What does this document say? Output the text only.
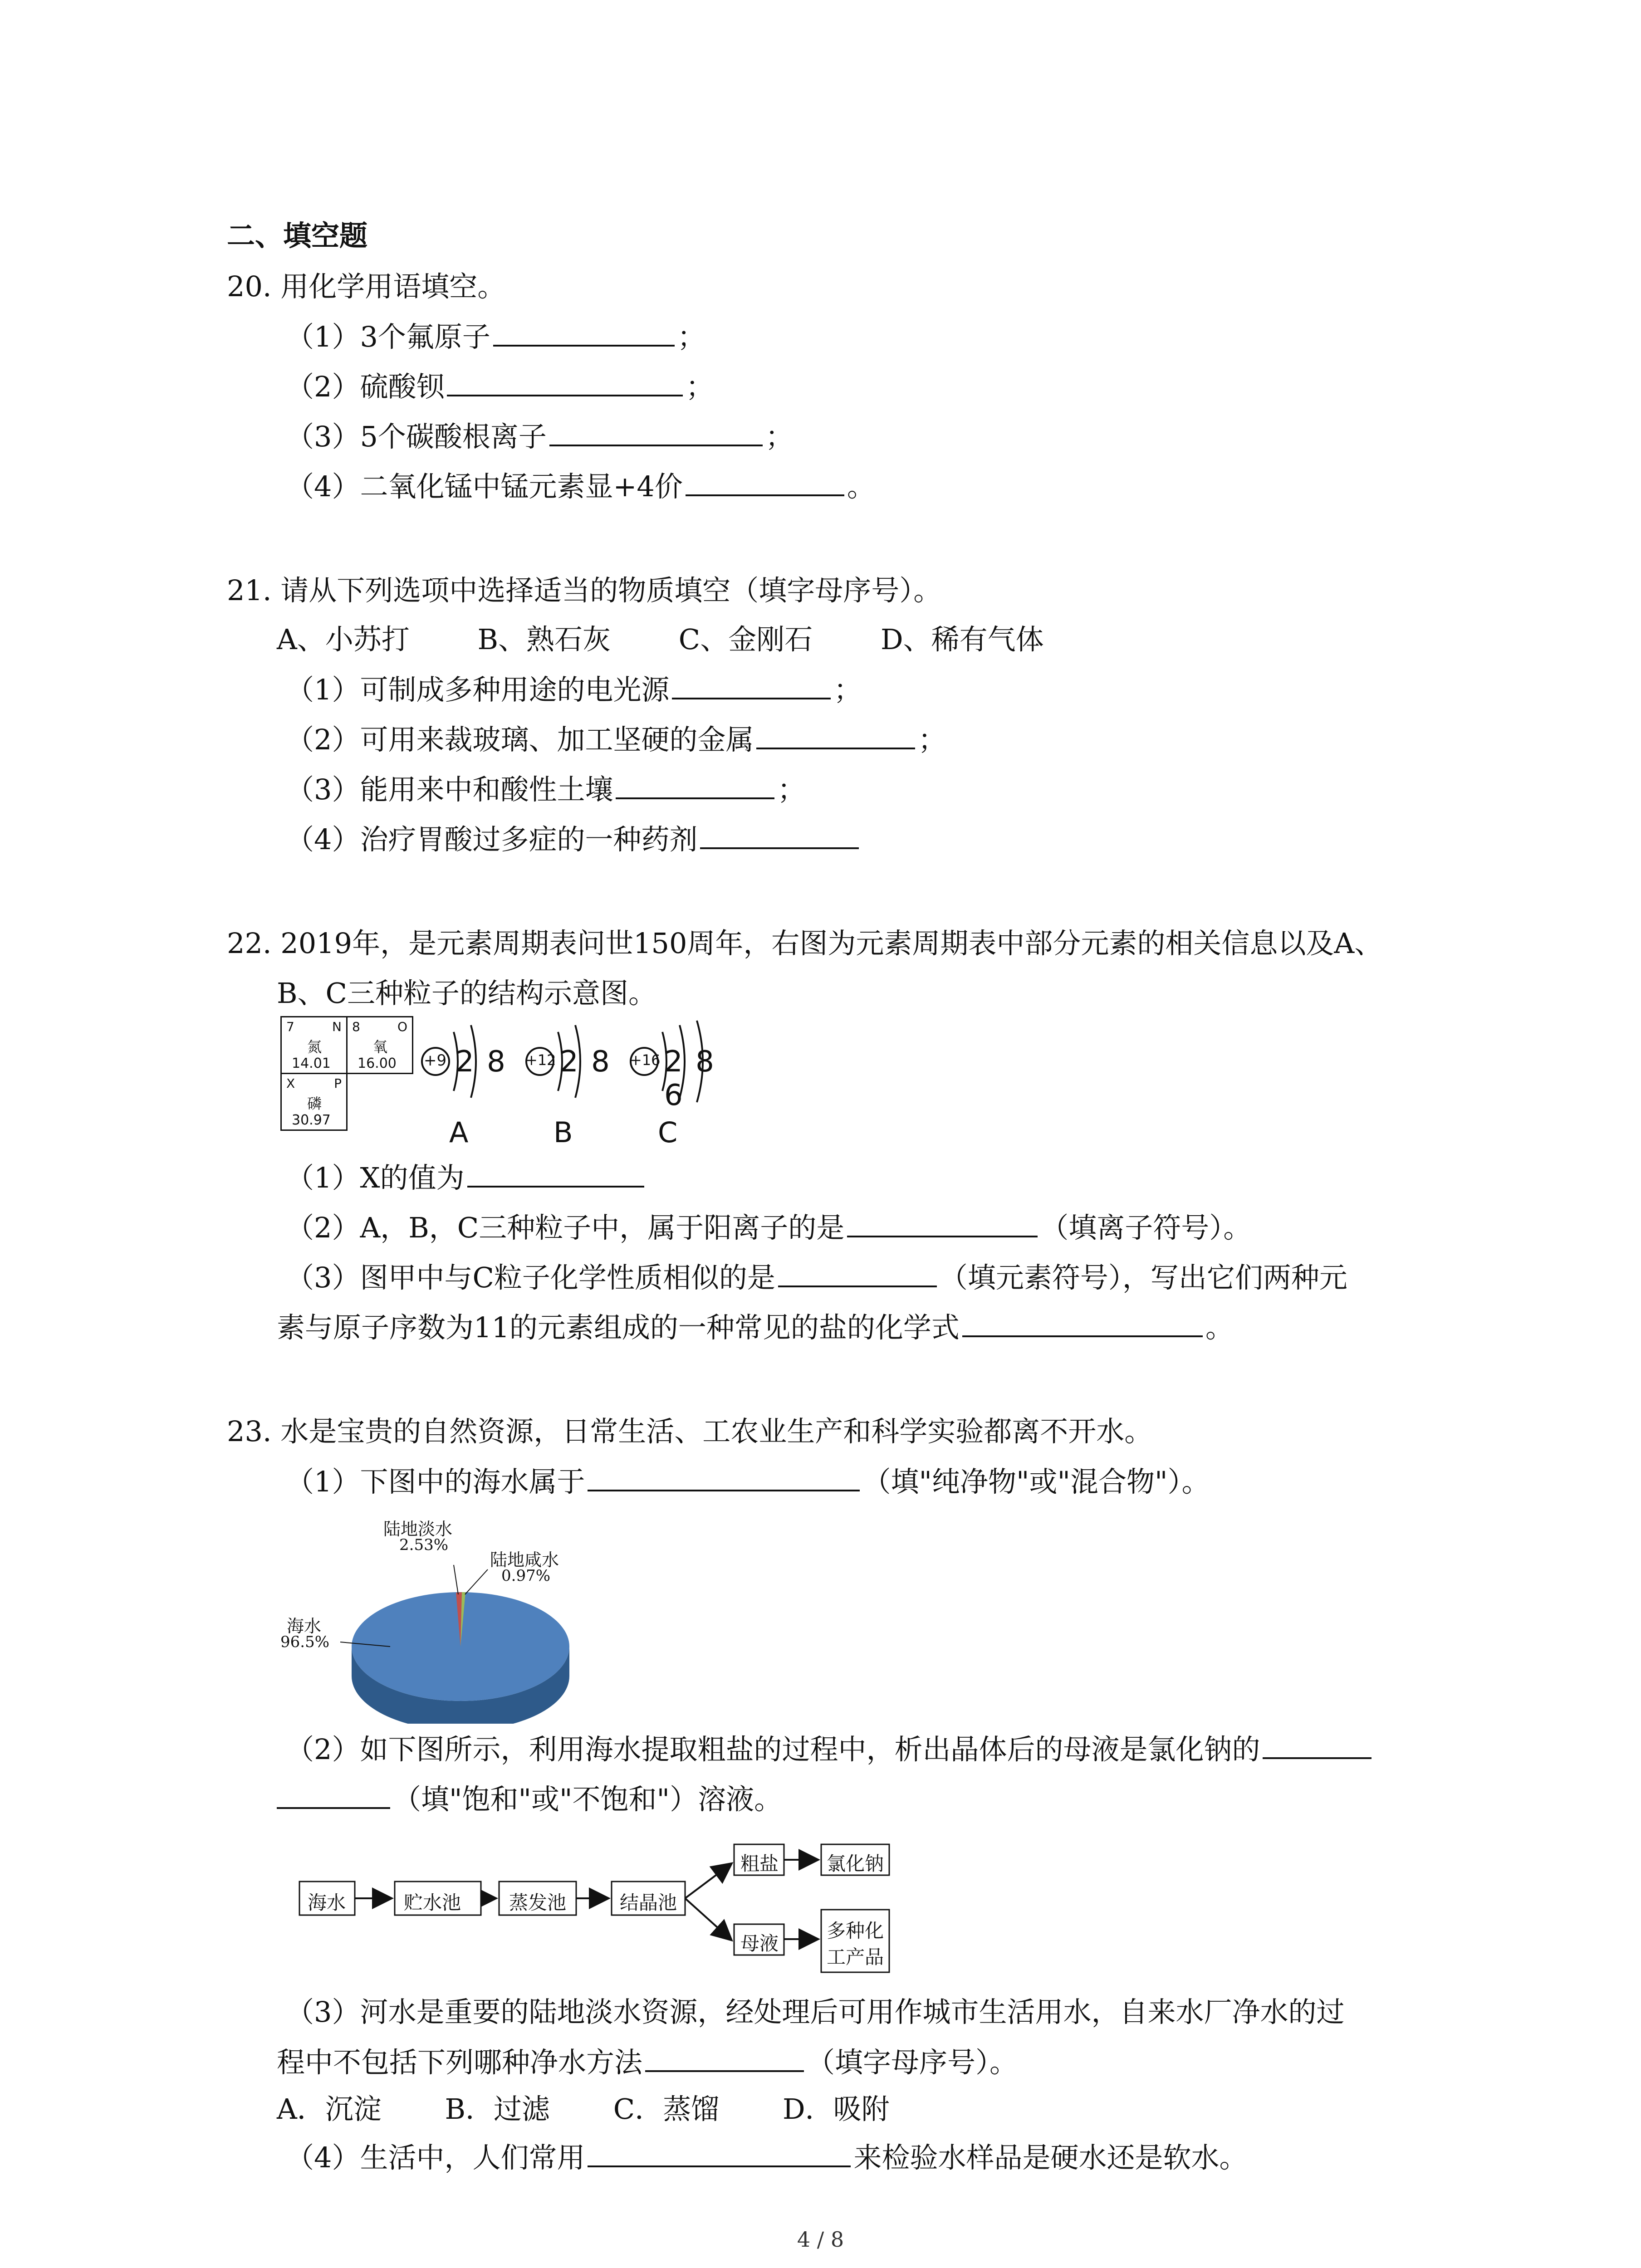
二、填空题
20. 用化学用语填空。
（1）3个氟原子	；
（2）硫酸钡	；
（3）5个碳酸根离子	；
（4）二氧化锰中锰元素显+4价	。
21. 请从下列选项中选择适当的物质填空（填字母序号）。
A、小苏打 B、熟石灰 C、金刚石 D、稀有气体
（1）可制成多种用途的电光源	；
（2）可用来裁玻璃、加工坚硬的金属	；
（3）能用来中和酸性土壤	；
（4）治疗胃酸过多症的一种药剂
22. 2019年，是元素周期表问世150周年，右图为元素周期表中部分元素的相关信息以及A、
B、C三种粒子的结构示意图。
7	N
氮
14.01
8	O
氧
16.00
X	P
磷
30.97
+9 2 8
A
+12 2 8
B
+16 2 8 6
C
（1）X的值为
（2）A，B，C三种粒子中，属于阳离子的是	（填离子符号）。
（3）图甲中与C粒子化学性质相似的是	（填元素符号），写出它们两种元
素与原子序数为11的元素组成的一种常见的盐的化学式	。
23. 水是宝贵的自然资源，日常生活、工农业生产和科学实验都离不开水。
（1）下图中的海水属于	（填"纯净物"或"混合物"）。
陆地淡水
2.53%
陆地咸水
0.97%
海水
96.5%
（2）如下图所示，利用海水提取粗盐的过程中，析出晶体后的母液是氯化钠的
（填"饱和"或"不饱和"）溶液。
海水	贮水池	蒸发池	结晶池
粗盐	氯化钠
母液
多种化
工产品
（3）河水是重要的陆地淡水资源，经处理后可用作城市生活用水，自来水厂净水的过
程中不包括下列哪种净水方法	（填字母序号）。
A．沉淀 B．过滤 C．蒸馏 D．吸附
（4）生活中，人们常用	来检验水样品是硬水还是软水。
4 / 8
